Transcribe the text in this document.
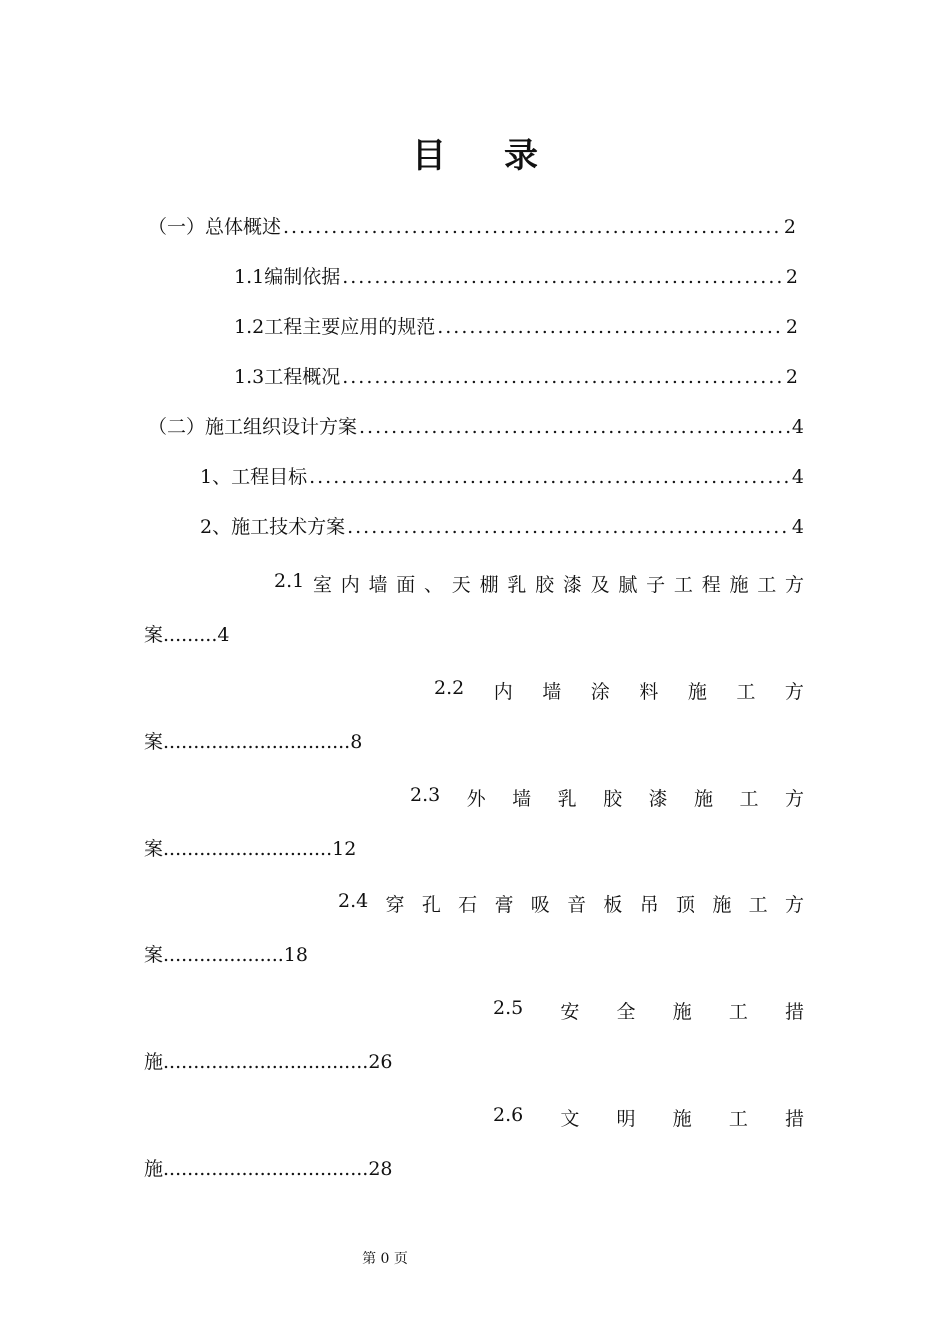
目 录
（一）总体概述 .....	2
1.1编制依据 .....	2
1.2工程主要应用的规范 .....	2
1.3工程概况 .....	2
（二）施工组织设计方案 .....	4
1、工程目标 .....	4
2、施工技术方案 .....	4
2.1 室 内 墙 面 、 天 棚 乳 胶 漆 及 腻 子 工 程 施 工 方
案.........4
2.2 内 墙 涂 料 施 工 方
案...............................8
2.3 外 墙 乳 胶 漆 施 工 方
案............................12
2.4 穿 孔 石 膏 吸 音 板 吊 顶 施 工 方
案....................18
2.5 安 全 施 工 措
施..................................26
2.6 文 明 施 工 措
施..................................28
第 0 页
